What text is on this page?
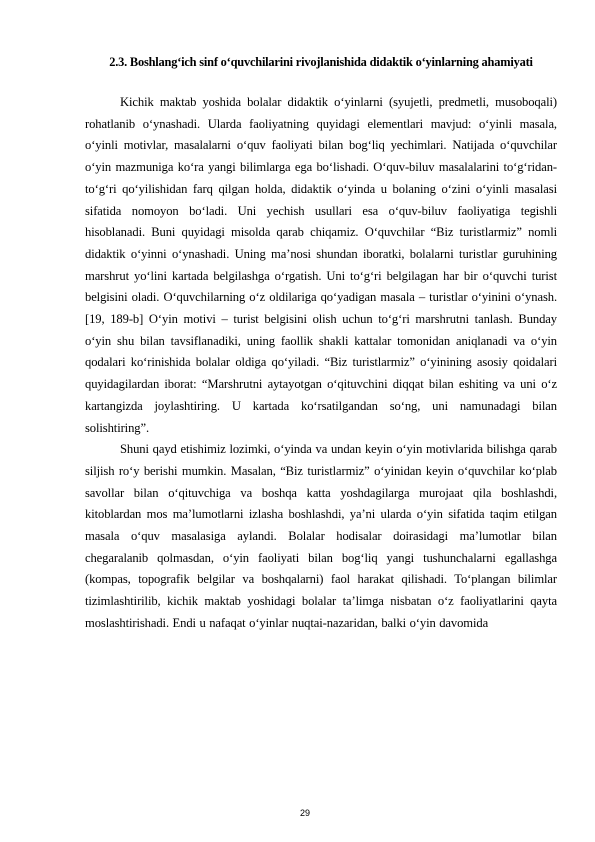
2.3. Boshlang‘ich sinf o‘quvchilarini rivojlanishida didaktik o‘yinlarning ahamiyati

Kichik maktab yoshida bolalar didaktik o‘yinlarni (syujetli, predmetli, musoboqali) rohatlanib o‘ynashadi. Ularda faoliyatning quyidagi elementlari mavjud: o‘yinli masala, o‘yinli motivlar, masalalarni o‘quv faoliyati bilan bog‘liq yechimlari. Natijada o‘quvchilar o‘yin mazmuniga ko‘ra yangi bilimlarga ega bo‘lishadi. O‘quv-biluv masalalarini to‘g‘ridan-to‘g‘ri qo‘yilishidan farq qilgan holda, didaktik o‘yinda u bolaning o‘zini o‘yinli masalasi sifatida nomoyon bo‘ladi. Uni yechish usullari esa o‘quv-biluv faoliyatiga tegishli hisoblanadi. Buni quyidagi misolda qarab chiqamiz. O‘quvchilar “Biz turistlarmiz” nomli didaktik o‘yinni o‘ynashadi. Uning ma’nosi shundan iboratki, bolalarni turistlar guruhining marshrut yo‘lini kartada belgilashga o‘rgatish. Uni to‘g‘ri belgilagan har bir o‘quvchi turist belgisini oladi. O‘quvchilarning o‘z oldilariga qo‘yadigan masala – turistlar o‘yinini o‘ynash.[19, 189-b] O‘yin motivi – turist belgisini olish uchun to‘g‘ri marshrutni tanlash. Bunday o‘yin shu bilan tavsiflanadiki, uning faollik shakli kattalar tomonidan aniqlanadi va o‘yin qodalari ko‘rinishida bolalar oldiga qo‘yiladi. “Biz turistlarmiz” o‘yinining asosiy qoidalari quyidagilardan iborat: “Marshrutni aytayotgan o‘qituvchini diqqat bilan eshiting va uni o‘z kartangizda joylashtiring. U kartada ko‘rsatilgandan so‘ng, uni namunadagi bilan solishtiring”.

Shuni qayd etishimiz lozimki, o‘yinda va undan keyin o‘yin motivlarida bilishga qarab siljish ro‘y berishi mumkin. Masalan, “Biz turistlarmiz” o‘yinidan keyin o‘quvchilar ko‘plab savollar bilan o‘qituvchiga va boshqa katta yoshdagilarga murojaat qila boshlashdi, kitoblardan mos ma’lumotlarni izlasha boshlashdi, ya’ni ularda o‘yin sifatida taqim etilgan masala o‘quv masalasiga aylandi. Bolalar hodisalar doirasidagi ma’lumotlar bilan chegaralanib qolmasdan, o‘yin faoliyati bilan bog‘liq yangi tushunchalarni egallashga (kompas, topografik belgilar va boshqalarni) faol harakat qilishadi. To‘plangan bilimlar tizimlashtirilib, kichik maktab yoshidagi bolalar ta’limga nisbatan o‘z faoliyatlarini qayta moslashtirishadi. Endi u nafaqat o‘yinlar nuqtai-nazaridan, balki o‘yin davomida

29
